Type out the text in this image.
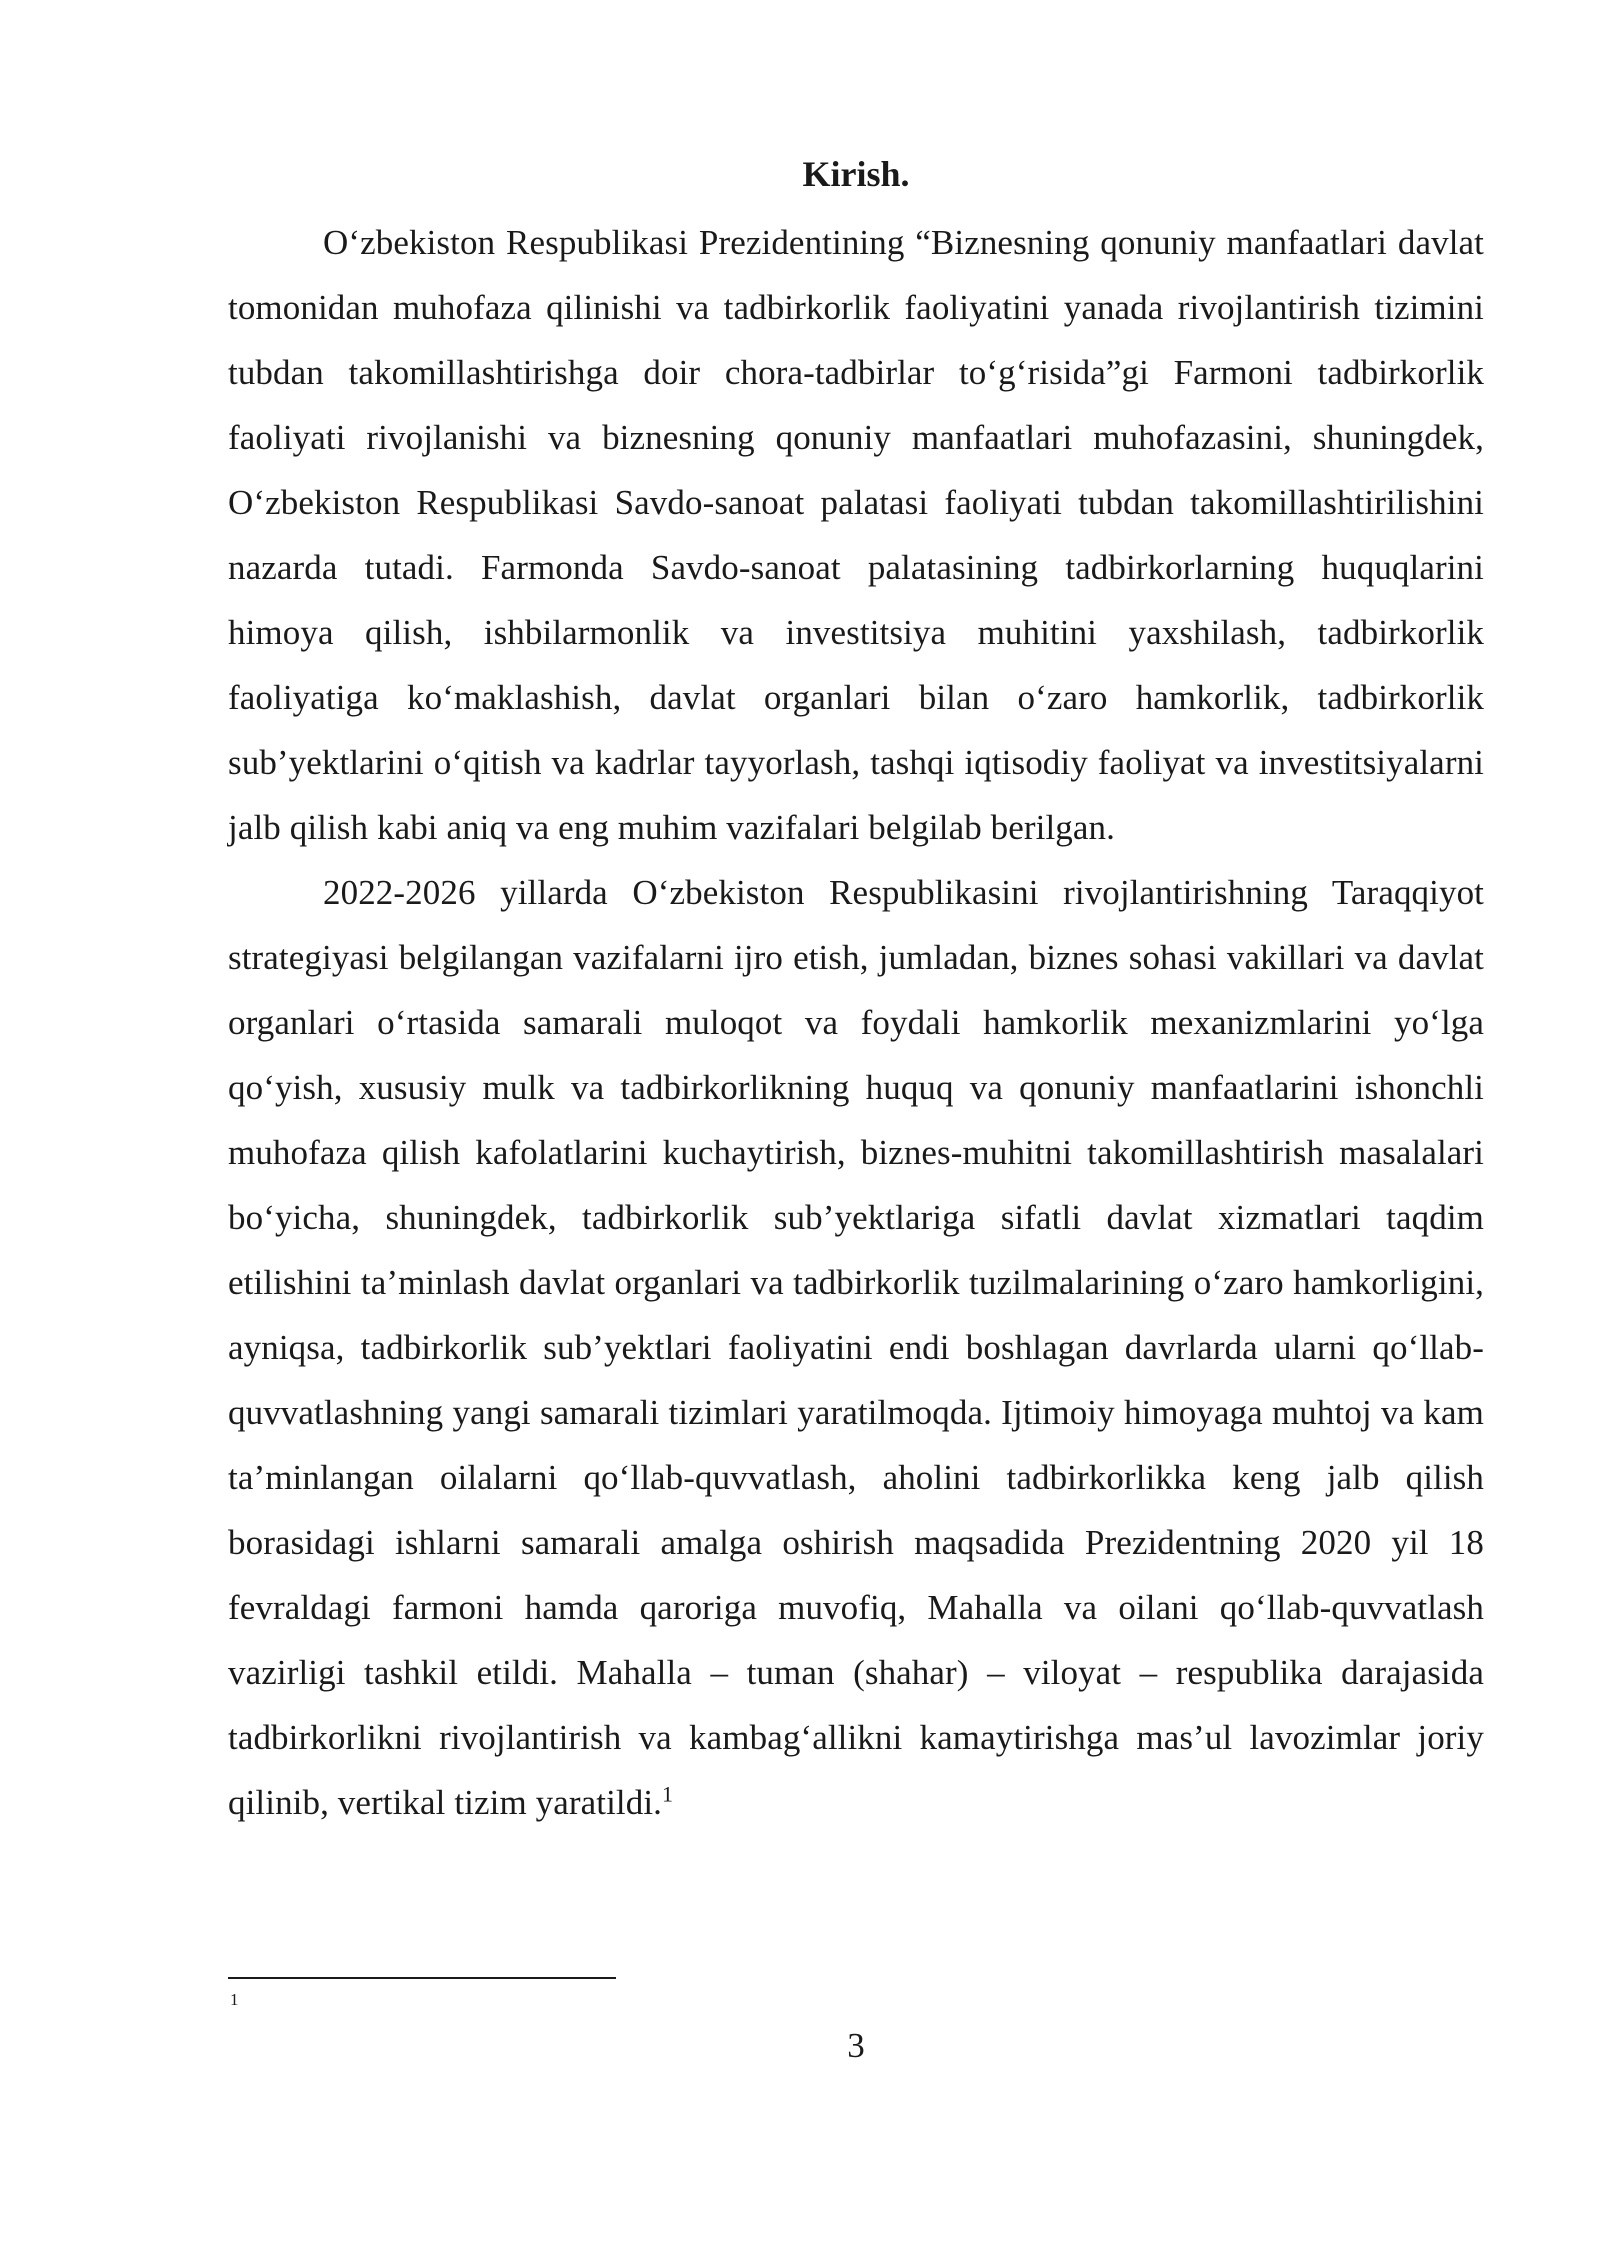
Kirish.

O‘zbekiston Respublikasi Prezidentining “Biznesning qonuniy manfaatlari davlat tomonidan muhofaza qilinishi va tadbirkorlik faoliyatini yanada rivojlantirish tizimini tubdan takomillashtirishga doir chora-tadbirlar to‘g‘risida”gi Farmoni tadbirkorlik faoliyati rivojlanishi va biznesning qonuniy manfaatlari muhofazasini, shuningdek, O‘zbekiston Respublikasi Savdo-sanoat palatasi faoliyati tubdan takomillashtirilishini nazarda tutadi. Farmonda Savdo-sanoat palatasining tadbirkorlarning huquqlarini himoya qilish, ishbilarmonlik va investitsiya muhitini yaxshilash, tadbirkorlik faoliyatiga ko‘maklashish, davlat organlari bilan o‘zaro hamkorlik, tadbirkorlik sub’yektlarini o‘qitish va kadrlar tayyorlash, tashqi iqtisodiy faoliyat va investitsiyalarni jalb qilish kabi aniq va eng muhim vazifalari belgilab berilgan.

2022-2026 yillarda O‘zbekiston Respublikasini rivojlantirishning Taraqqiyot strategiyasi belgilangan vazifalarni ijro etish, jumladan, biznes sohasi vakillari va davlat organlari o‘rtasida samarali muloqot va foydali hamkorlik mexanizmlarini yo‘lga qo‘yish, xususiy mulk va tadbirkorlikning huquq va qonuniy manfaatlarini ishonchli muhofaza qilish kafolatlarini kuchaytirish, biznes-muhitni takomillashtirish masalalari bo‘yicha, shuningdek, tadbirkorlik sub’yektlariga sifatli davlat xizmatlari taqdim etilishini ta’minlash davlat organlari va tadbirkorlik tuzilmalarining o‘zaro hamkorligini, ayniqsa, tadbirkorlik sub’yektlari faoliyatini endi boshlagan davrlarda ularni qo‘llab-quvvatlashning yangi samarali tizimlari yaratilmoqda. Ijtimoiy himoyaga muhtoj va kam ta’minlangan oilalarni qo‘llab-quvvatlash, aholini tadbirkorlikka keng jalb qilish borasidagi ishlarni samarali amalga oshirish maqsadida Prezidentning 2020 yil 18 fevraldagi farmoni hamda qaroriga muvofiq, Mahalla va oilani qo‘llab-quvvatlash vazirligi tashkil etildi. Mahalla – tuman (shahar) – viloyat – respublika darajasida tadbirkorlikni rivojlantirish va kambag‘allikni kamaytirishga mas’ul lavozimlar joriy qilinib, vertikal tizim yaratildi.$^1$

1
3
